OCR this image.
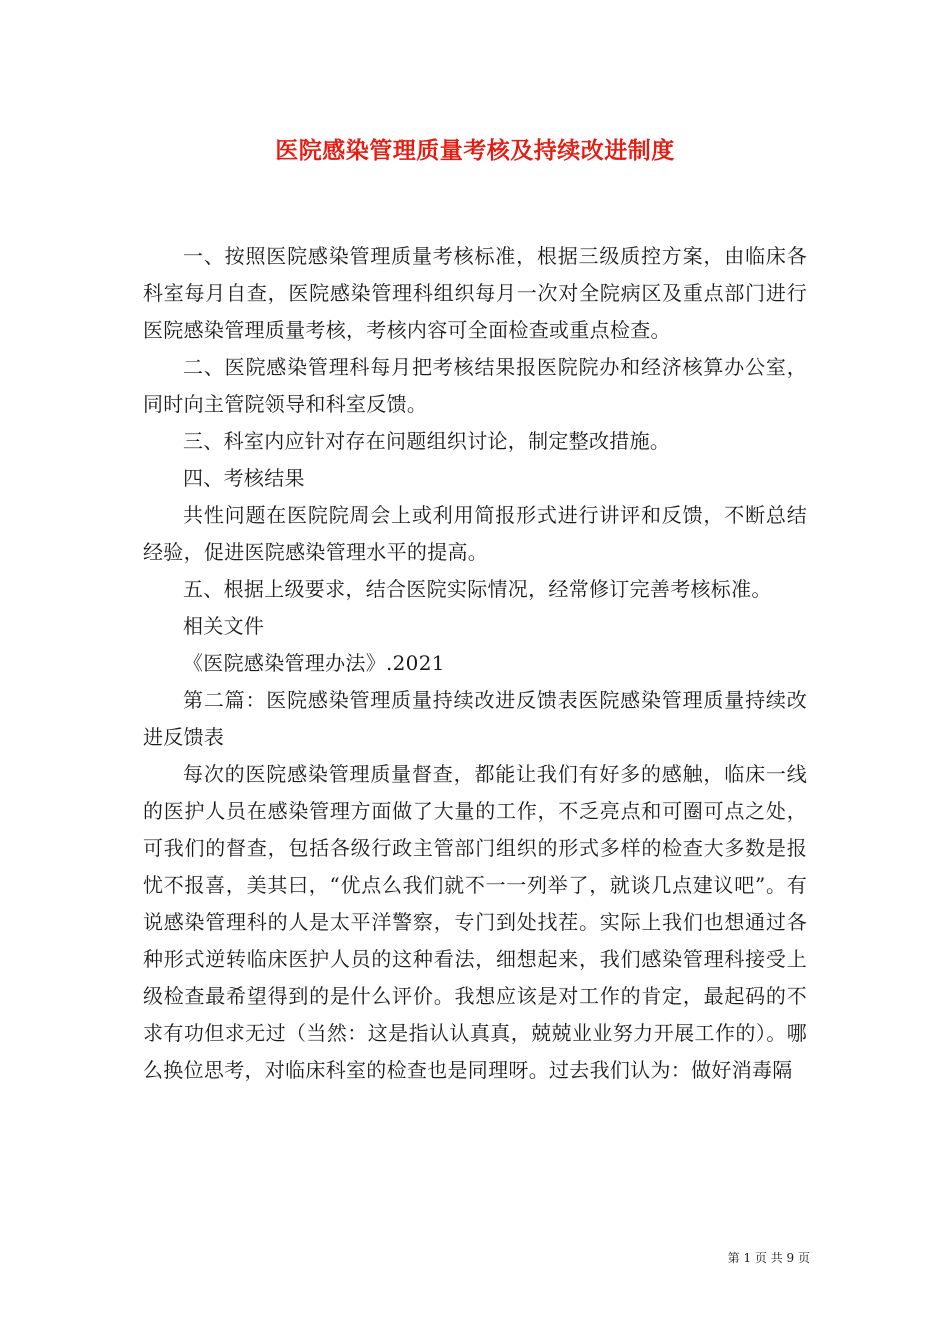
医院感染管理质量考核及持续改进制度

一、按照医院感染管理质量考核标准，根据三级质控方案，由临床各科室每月自查，医院感染管理科组织每月一次对全院病区及重点部门进行医院感染管理质量考核，考核内容可全面检查或重点检查。

二、医院感染管理科每月把考核结果报医院院办和经济核算办公室，同时向主管院领导和科室反馈。

三、科室内应针对存在问题组织讨论，制定整改措施。

四、考核结果

共性问题在医院院周会上或利用简报形式进行讲评和反馈，不断总结经验，促进医院感染管理水平的提高。

五、根据上级要求，结合医院实际情况，经常修订完善考核标准。

相关文件

《医院感染管理办法》.2021

第二篇：医院感染管理质量持续改进反馈表医院感染管理质量持续改进反馈表

每次的医院感染管理质量督查，都能让我们有好多的感触，临床一线的医护人员在感染管理方面做了大量的工作，不乏亮点和可圈可点之处，可我们的督查，包括各级行政主管部门组织的形式多样的检查大多数是报忧不报喜，美其曰，“优点么我们就不一一列举了，就谈几点建议吧”。有说感染管理科的人是太平洋警察，专门到处找茬。实际上我们也想通过各种形式逆转临床医护人员的这种看法，细想起来，我们感染管理科接受上级检查最希望得到的是什么评价。我想应该是对工作的肯定，最起码的不求有功但求无过（当然：这是指认认真真，兢兢业业努力开展工作的）。哪么换位思考，对临床科室的检查也是同理呀。过去我们认为：做好消毒隔

第 1 页 共 9 页
